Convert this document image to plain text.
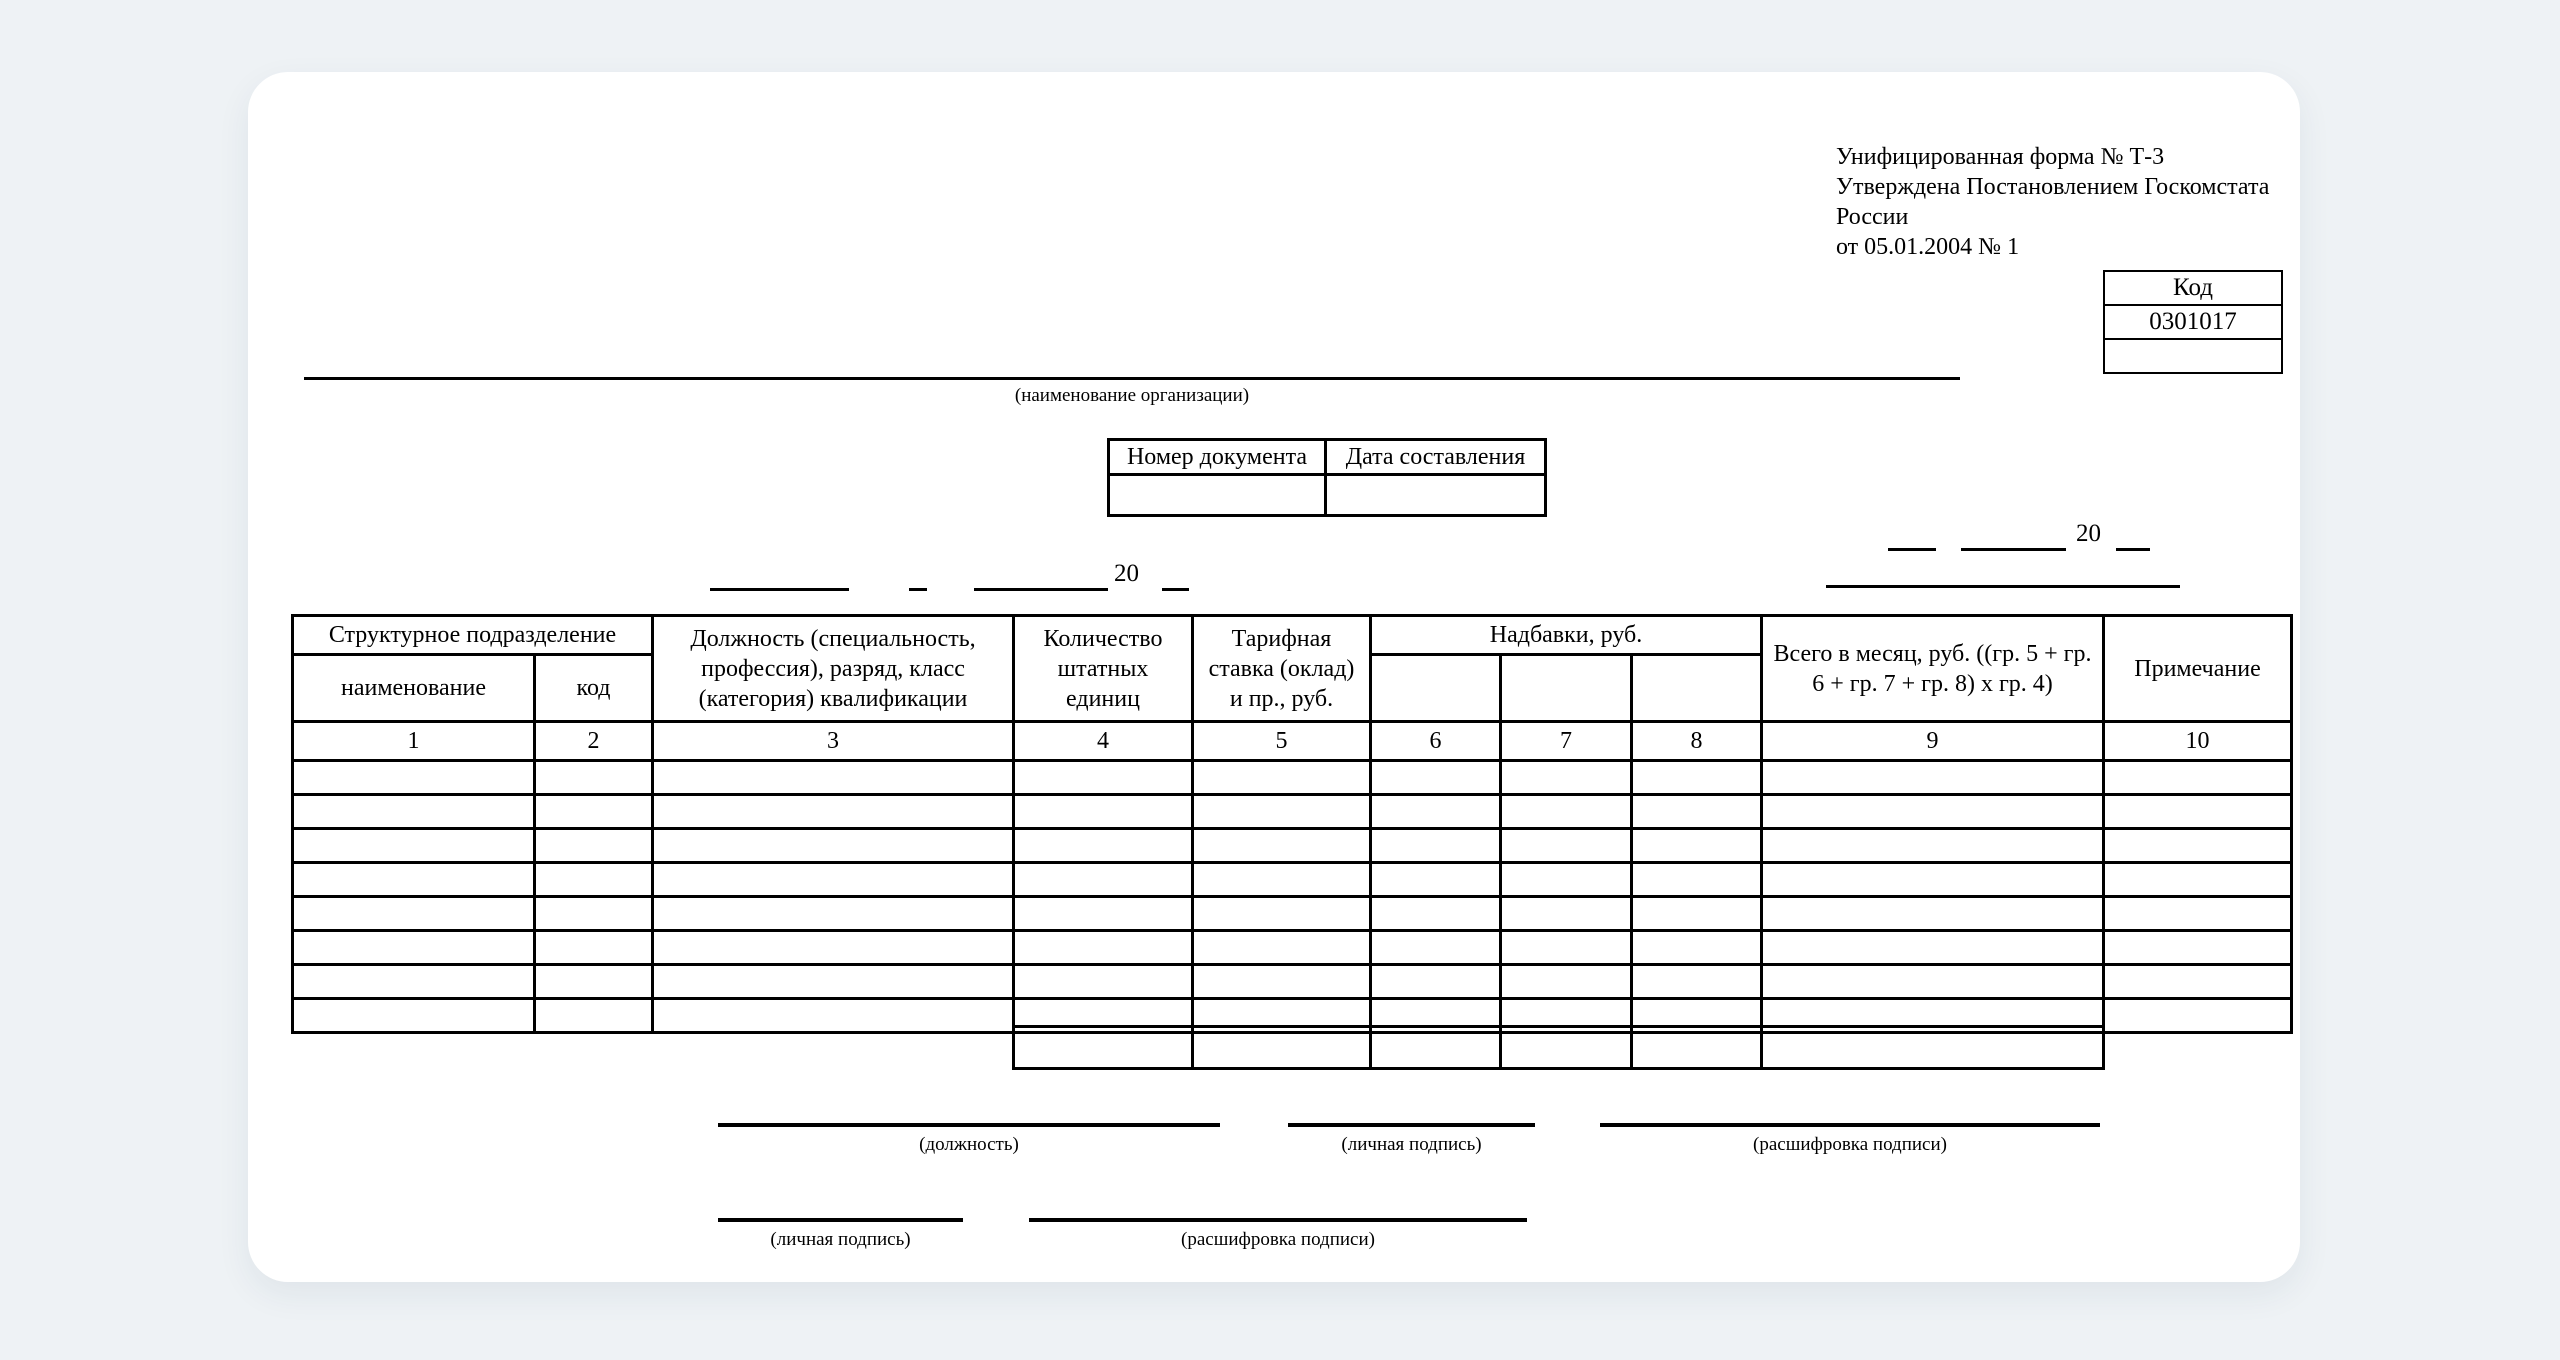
Унифицированная форма № Т-3
Утверждена Постановлением Госкомстата
России
от 05.01.2004 № 1
Код
0301017

(наименование организации)
Номер документа	Дата составления

20
20
Структурное подразделение		Должность (специальность, профессия), разряд, класс (категория) квалификации	Количество штатных единиц	Тарифная ставка (оклад) и пр., руб.	Надбавки, руб.			Всего в месяц, руб. ((гр. 5 + гр. 6 + гр. 7 + гр. 8) х гр. 4)	Примечание
наименование	код								
1	2	3	4	5	6	7	8	9	10

(должность)	(личная подпись)	(расшифровка подписи)
(личная подпись)	(расшифровка подписи)
